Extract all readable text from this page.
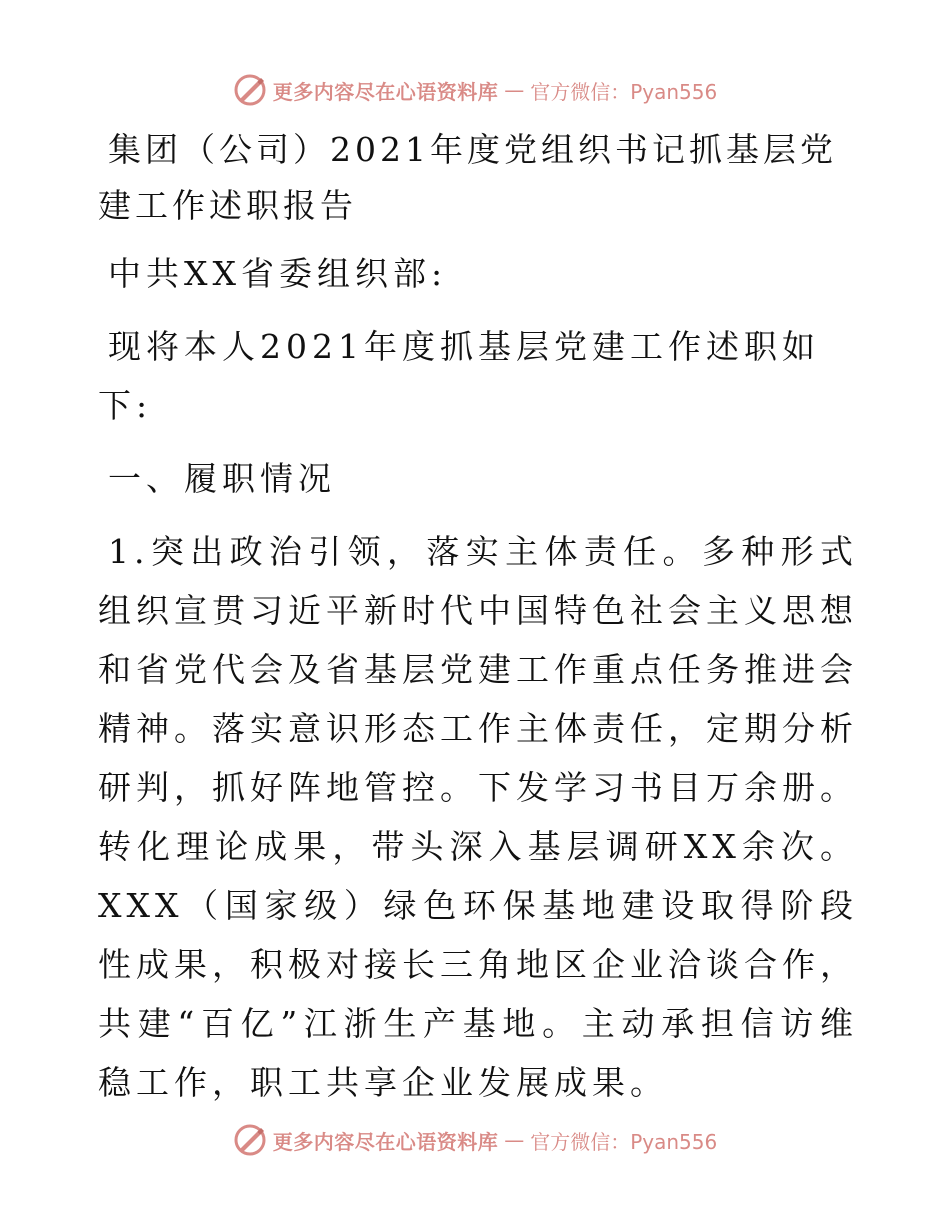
更多内容尽在心语资料库 — 官方微信：Pyan556

集团（公司）2021年度党组织书记抓基层党建工作述职报告

中共XX省委组织部:

现将本人2021年度抓基层党建工作述职如下:

一、履职情况

1.突出政治引领，落实主体责任。多种形式组织宣贯习近平新时代中国特色社会主义思想和省党代会及省基层党建工作重点任务推进会精神。落实意识形态工作主体责任，定期分析研判，抓好阵地管控。下发学习书目万余册。转化理论成果，带头深入基层调研XX余次。XXX（国家级）绿色环保基地建设取得阶段性成果，积极对接长三角地区企业洽谈合作，共建“百亿”江浙生产基地。主动承担信访维稳工作，职工共享企业发展成果。

更多内容尽在心语资料库 — 官方微信：Pyan556
